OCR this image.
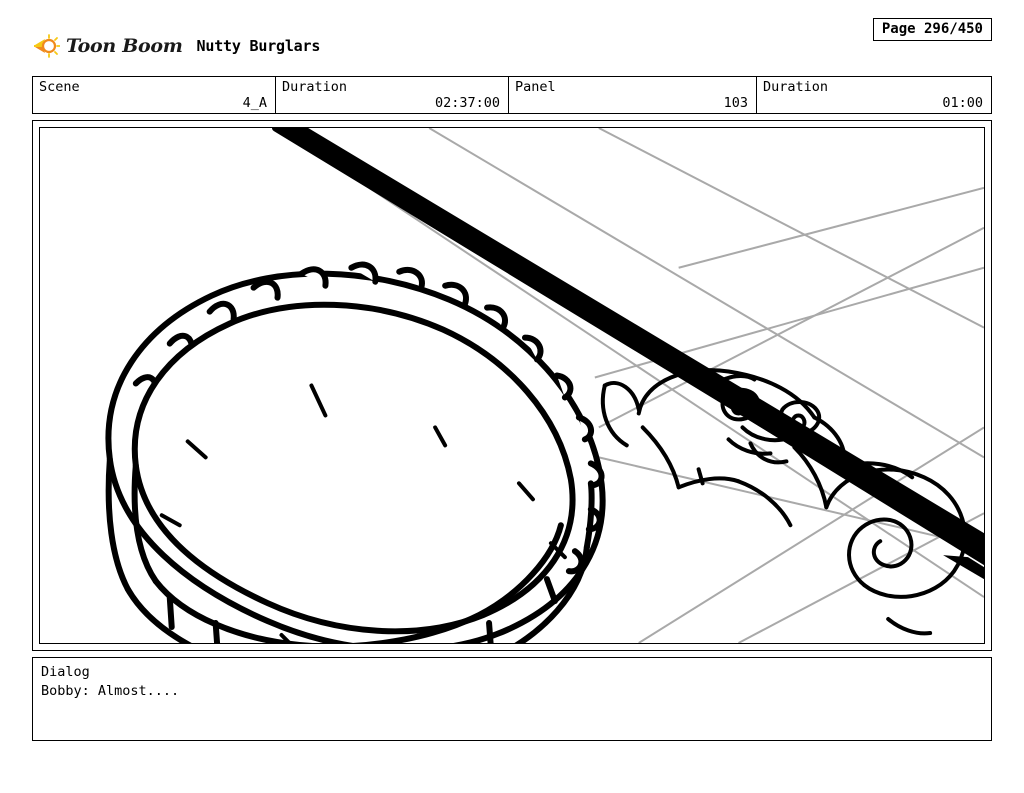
Toon Boom Nutty Burglars
Page 296/450
Scene
4_A
Duration
02:37:00
Panel
103
Duration
01:00
Dialog
Bobby: Almost....
